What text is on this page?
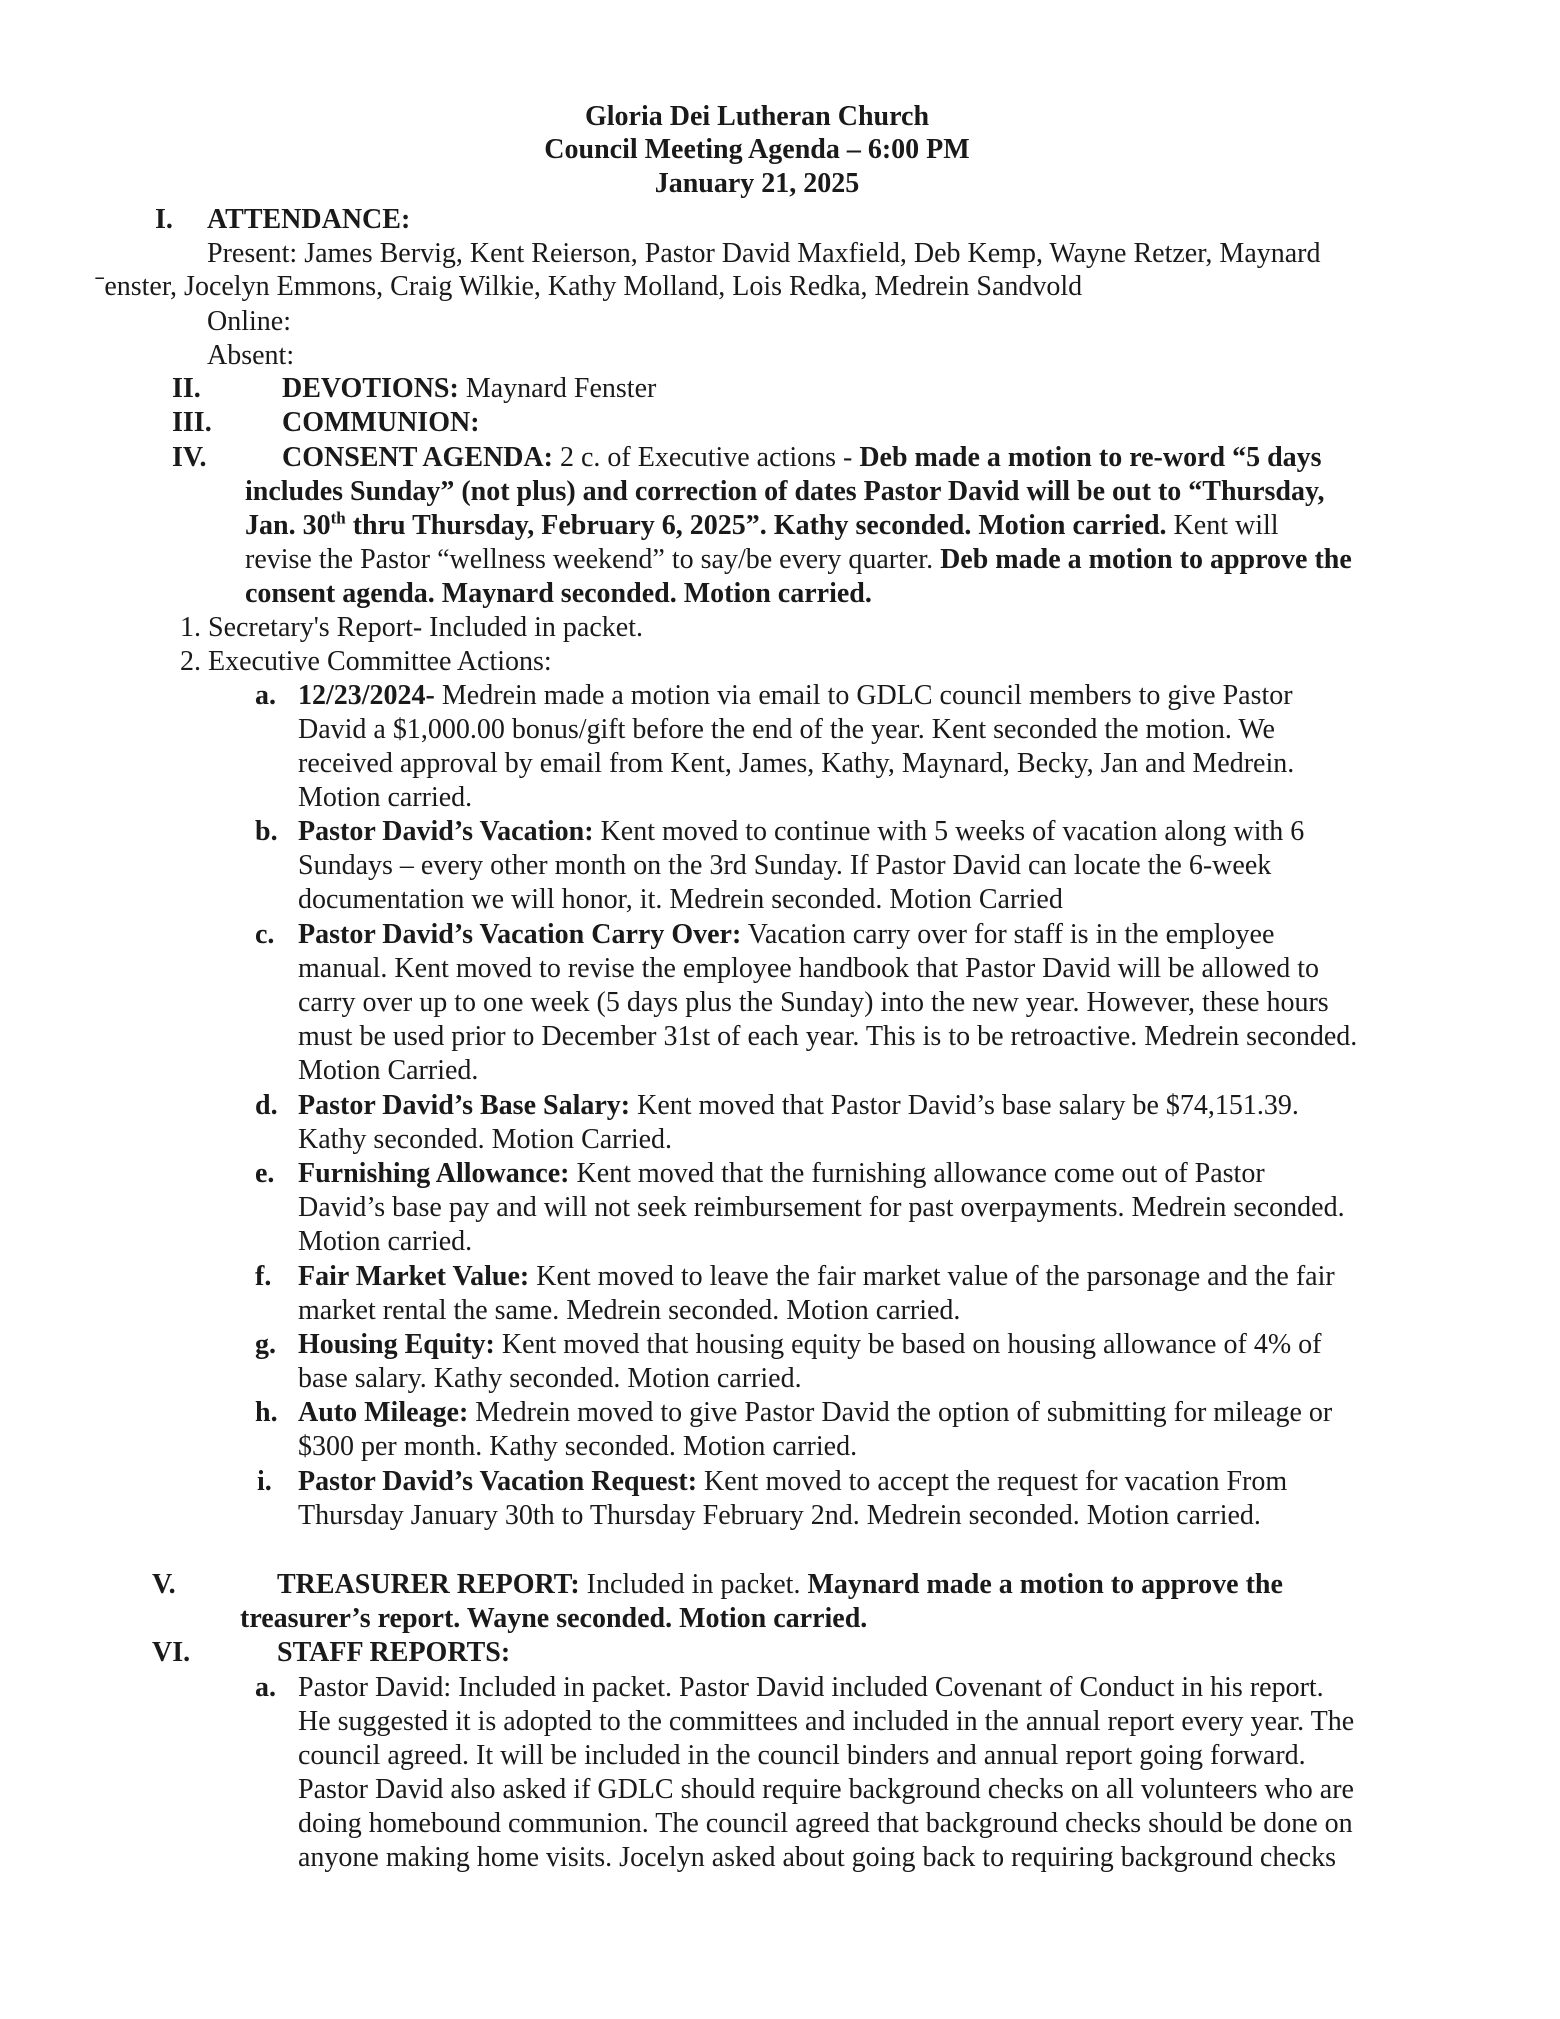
Gloria Dei Lutheran Church
Council Meeting Agenda – 6:00 PM
January 21, 2025
I. ATTENDANCE:
Present: James Bervig, Kent Reierson, Pastor David Maxfield, Deb Kemp, Wayne Retzer, Maynard
ˉenster, Jocelyn Emmons, Craig Wilkie, Kathy Molland, Lois Redka, Medrein Sandvold
Online:
Absent:
II.	DEVOTIONS: Maynard Fenster
III.	COMMUNION:
IV.	CONSENT AGENDA: 2 c. of Executive actions - Deb made a motion to re-word “5 days
includes Sunday” (not plus) and correction of dates Pastor David will be out to “Thursday,
Jan. 30th thru Thursday, February 6, 2025”. Kathy seconded. Motion carried. Kent will
revise the Pastor “wellness weekend” to say/be every quarter. Deb made a motion to approve the
consent agenda. Maynard seconded. Motion carried.
1. Secretary's Report- Included in packet.
2. Executive Committee Actions:
a. 12/23/2024- Medrein made a motion via email to GDLC council members to give Pastor
David a $1,000.00 bonus/gift before the end of the year. Kent seconded the motion. We
received approval by email from Kent, James, Kathy, Maynard, Becky, Jan and Medrein.
Motion carried.
b. Pastor David’s Vacation: Kent moved to continue with 5 weeks of vacation along with 6
Sundays – every other month on the 3rd Sunday. If Pastor David can locate the 6-week
documentation we will honor, it. Medrein seconded. Motion Carried
c. Pastor David’s Vacation Carry Over: Vacation carry over for staff is in the employee
manual. Kent moved to revise the employee handbook that Pastor David will be allowed to
carry over up to one week (5 days plus the Sunday) into the new year. However, these hours
must be used prior to December 31st of each year. This is to be retroactive. Medrein seconded.
Motion Carried.
d. Pastor David’s Base Salary: Kent moved that Pastor David’s base salary be $74,151.39.
Kathy seconded. Motion Carried.
e. Furnishing Allowance: Kent moved that the furnishing allowance come out of Pastor
David’s base pay and will not seek reimbursement for past overpayments. Medrein seconded.
Motion carried.
f. Fair Market Value: Kent moved to leave the fair market value of the parsonage and the fair
market rental the same. Medrein seconded. Motion carried.
g. Housing Equity: Kent moved that housing equity be based on housing allowance of 4% of
base salary. Kathy seconded. Motion carried.
h. Auto Mileage: Medrein moved to give Pastor David the option of submitting for mileage or
$300 per month. Kathy seconded. Motion carried.
i. Pastor David’s Vacation Request: Kent moved to accept the request for vacation From
Thursday January 30th to Thursday February 2nd. Medrein seconded. Motion carried.
V.	TREASURER REPORT: Included in packet. Maynard made a motion to approve the
treasurer’s report. Wayne seconded. Motion carried.
VI.	STAFF REPORTS:
a. Pastor David: Included in packet. Pastor David included Covenant of Conduct in his report.
He suggested it is adopted to the committees and included in the annual report every year. The
council agreed. It will be included in the council binders and annual report going forward.
Pastor David also asked if GDLC should require background checks on all volunteers who are
doing homebound communion. The council agreed that background checks should be done on
anyone making home visits. Jocelyn asked about going back to requiring background checks
